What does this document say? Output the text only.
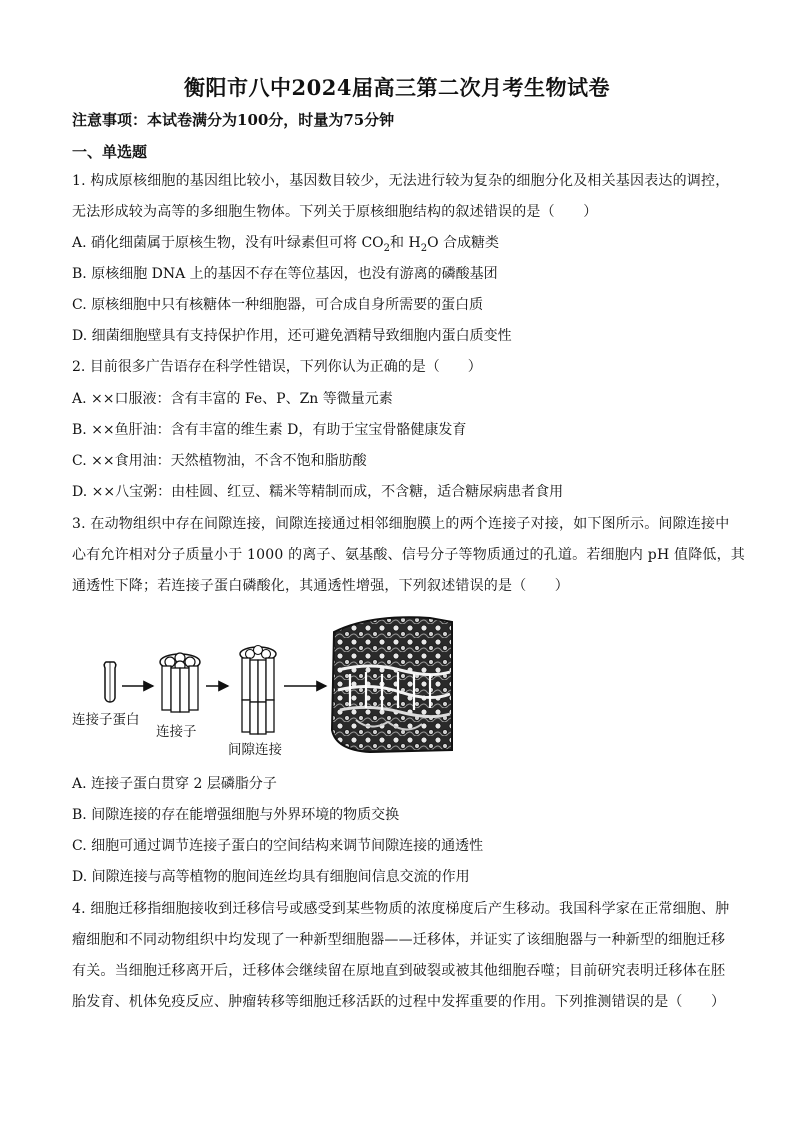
衡阳市八中2024届高三第二次月考生物试卷
注意事项：本试卷满分为100分，时量为75分钟
一、单选题
1. 构成原核细胞的基因组比较小，基因数目较少，无法进行较为复杂的细胞分化及相关基因表达的调控，
无法形成较为高等的多细胞生物体。下列关于原核细胞结构的叙述错误的是（　　）
A. 硝化细菌属于原核生物，没有叶绿素但可将 $CO_2$和 $H_2O$ 合成糖类
B. 原核细胞 DNA 上的基因不存在等位基因，也没有游离的磷酸基团
C. 原核细胞中只有核糖体一种细胞器，可合成自身所需要的蛋白质
D. 细菌细胞壁具有支持保护作用，还可避免酒精导致细胞内蛋白质变性
2. 目前很多广告语存在科学性错误，下列你认为正确的是（　　）
A. ××口服液：含有丰富的 Fe、P、Zn 等微量元素
B. ××鱼肝油：含有丰富的维生素 D，有助于宝宝骨骼健康发育
C. ××食用油：天然植物油，不含不饱和脂肪酸
D. ××八宝粥：由桂圆、红豆、糯米等精制而成，不含糖，适合糖尿病患者食用
3. 在动物组织中存在间隙连接，间隙连接通过相邻细胞膜上的两个连接子对接，如下图所示。间隙连接中
心有允许相对分子质量小于 1000 的离子、氨基酸、信号分子等物质通过的孔道。若细胞内 pH 值降低，其
通透性下降；若连接子蛋白磷酸化，其通透性增强，下列叙述错误的是（　　）
连接子蛋白
连接子
间隙连接
A. 连接子蛋白贯穿 2 层磷脂分子
B. 间隙连接的存在能增强细胞与外界环境的物质交换
C. 细胞可通过调节连接子蛋白的空间结构来调节间隙连接的通透性
D. 间隙连接与高等植物的胞间连丝均具有细胞间信息交流的作用
4. 细胞迁移指细胞接收到迁移信号或感受到某些物质的浓度梯度后产生移动。我国科学家在正常细胞、肿
瘤细胞和不同动物组织中均发现了一种新型细胞器——迁移体，并证实了该细胞器与一种新型的细胞迁移
有关。当细胞迁移离开后，迁移体会继续留在原地直到破裂或被其他细胞吞噬；目前研究表明迁移体在胚
胎发育、机体免疫反应、肿瘤转移等细胞迁移活跃的过程中发挥重要的作用。下列推测错误的是（　　）
